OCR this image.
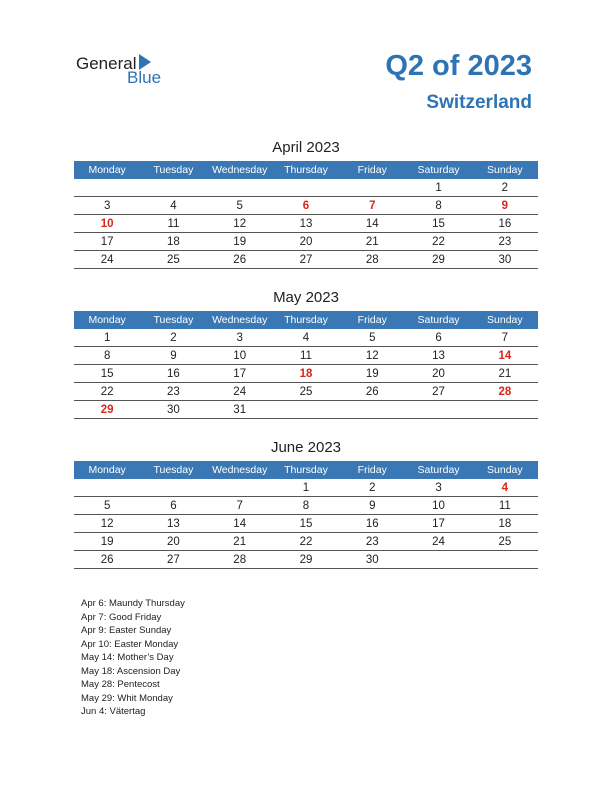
General
Blue	Q2 of 2023
Switzerland
April 2023
Monday	Tuesday	Wednesday	Thursday	Friday	Saturday	Sunday
					1	2
3	4	5	6	7	8	9
10	11	12	13	14	15	16
17	18	19	20	21	22	23
24	25	26	27	28	29	30
May 2023
Monday	Tuesday	Wednesday	Thursday	Friday	Saturday	Sunday
1	2	3	4	5	6	7
8	9	10	11	12	13	14
15	16	17	18	19	20	21
22	23	24	25	26	27	28
29	30	31				
June 2023
Monday	Tuesday	Wednesday	Thursday	Friday	Saturday	Sunday
			1	2	3	4
5	6	7	8	9	10	11
12	13	14	15	16	17	18
19	20	21	22	23	24	25
26	27	28	29	30		
Apr 6: Maundy Thursday
Apr 7: Good Friday
Apr 9: Easter Sunday
Apr 10: Easter Monday
May 14: Mother’s Day
May 18: Ascension Day
May 28: Pentecost
May 29: Whit Monday
Jun 4: Vätertag
